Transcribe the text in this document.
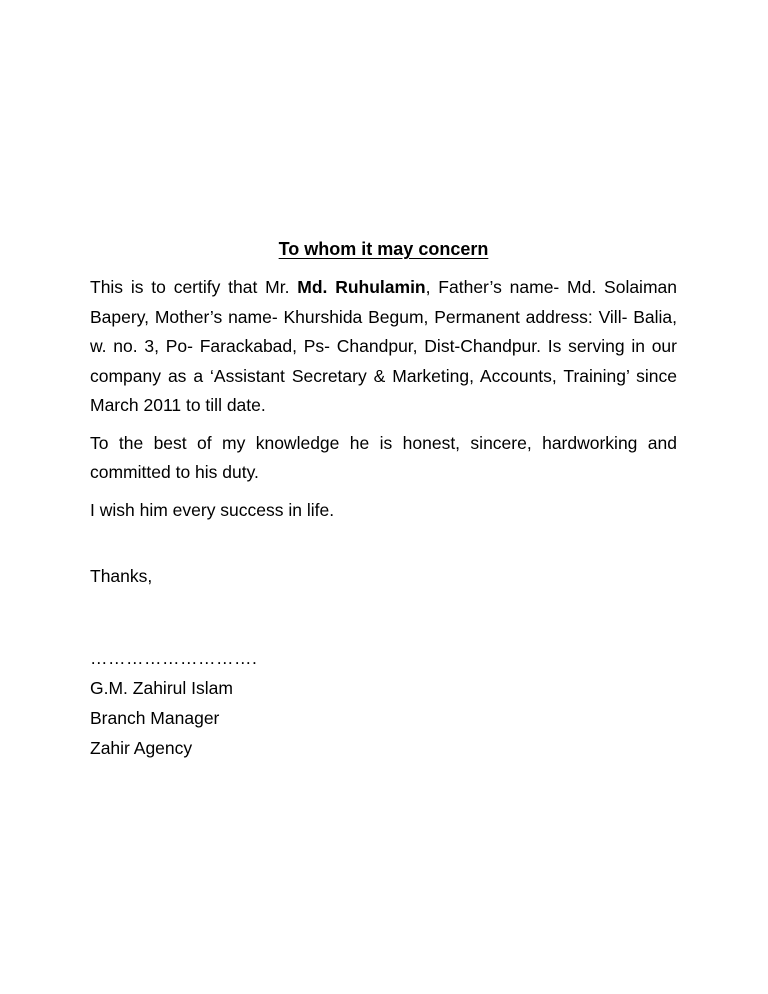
To whom it may concern

This is to certify that Mr. Md. Ruhulamin, Father’s name- Md. Solaiman Bapery, Mother’s name- Khurshida Begum, Permanent address: Vill- Balia, w. no. 3, Po- Farackabad, Ps- Chandpur, Dist-Chandpur. Is serving in our company as a ‘Assistant Secretary & Marketing, Accounts, Training’ since March 2011 to till date.

To the best of my knowledge he is honest, sincere, hardworking and committed to his duty.

I wish him every success in life.

Thanks,

……………………….

G.M. Zahirul Islam

Branch Manager

Zahir Agency
